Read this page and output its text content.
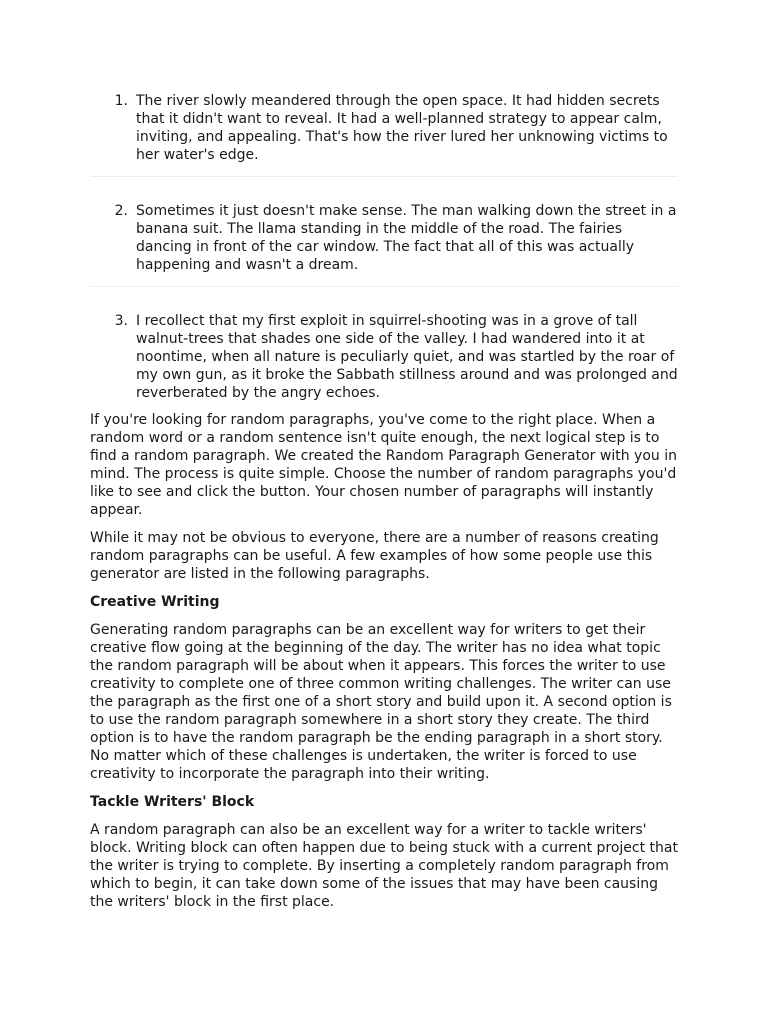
1. The river slowly meandered through the open space. It had hidden secrets that it didn't want to reveal. It had a well-planned strategy to appear calm, inviting, and appealing. That's how the river lured her unknowing victims to her water's edge.
2. Sometimes it just doesn't make sense. The man walking down the street in a banana suit. The llama standing in the middle of the road. The fairies dancing in front of the car window. The fact that all of this was actually happening and wasn't a dream.
3. I recollect that my first exploit in squirrel-shooting was in a grove of tall walnut-trees that shades one side of the valley. I had wandered into it at noontime, when all nature is peculiarly quiet, and was startled by the roar of my own gun, as it broke the Sabbath stillness around and was prolonged and reverberated by the angry echoes.

If you're looking for random paragraphs, you've come to the right place. When a random word or a random sentence isn't quite enough, the next logical step is to find a random paragraph. We created the Random Paragraph Generator with you in mind. The process is quite simple. Choose the number of random paragraphs you'd like to see and click the button. Your chosen number of paragraphs will instantly appear.

While it may not be obvious to everyone, there are a number of reasons creating random paragraphs can be useful. A few examples of how some people use this generator are listed in the following paragraphs.

Creative Writing

Generating random paragraphs can be an excellent way for writers to get their creative flow going at the beginning of the day. The writer has no idea what topic the random paragraph will be about when it appears. This forces the writer to use creativity to complete one of three common writing challenges. The writer can use the paragraph as the first one of a short story and build upon it. A second option is to use the random paragraph somewhere in a short story they create. The third option is to have the random paragraph be the ending paragraph in a short story. No matter which of these challenges is undertaken, the writer is forced to use creativity to incorporate the paragraph into their writing.

Tackle Writers' Block

A random paragraph can also be an excellent way for a writer to tackle writers' block. Writing block can often happen due to being stuck with a current project that the writer is trying to complete. By inserting a completely random paragraph from which to begin, it can take down some of the issues that may have been causing the writers' block in the first place.
